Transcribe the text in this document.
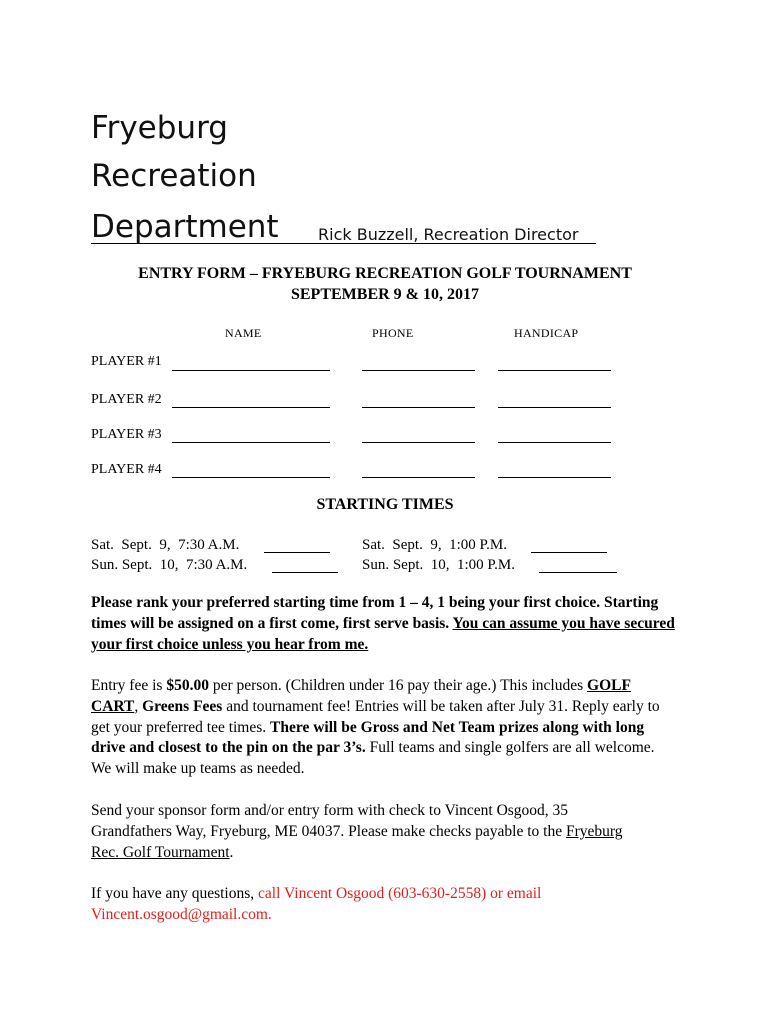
Fryeburg
Recreation
Department Rick Buzzell, Recreation Director
ENTRY FORM – FRYEBURG RECREATION GOLF TOURNAMENT
SEPTEMBER 9 & 10, 2017
NAME	PHONE	HANDICAP
PLAYER #1
PLAYER #2
PLAYER #3
PLAYER #4
STARTING TIMES
Sat.  Sept.  9,  7:30 A.M.
Sun. Sept.  10,  7:30 A.M.
Sat.  Sept.  9,  1:00 P.M.
Sun. Sept.  10,  1:00 P.M.
Please rank your preferred starting time from 1 – 4, 1 being your first choice. Starting times will be assigned on a first come, first serve basis. You can assume you have secured your first choice unless you hear from me.
Entry fee is $50.00 per person. (Children under 16 pay their age.) This includes GOLF CART, Greens Fees and tournament fee! Entries will be taken after July 31. Reply early to get your preferred tee times. There will be Gross and Net Team prizes along with long drive and closest to the pin on the par 3’s. Full teams and single golfers are all welcome. We will make up teams as needed.
Send your sponsor form and/or entry form with check to Vincent Osgood, 35 Grandfathers Way, Fryeburg, ME 04037. Please make checks payable to the Fryeburg Rec. Golf Tournament.
If you have any questions, call Vincent Osgood (603-630-2558) or email Vincent.osgood@gmail.com.
